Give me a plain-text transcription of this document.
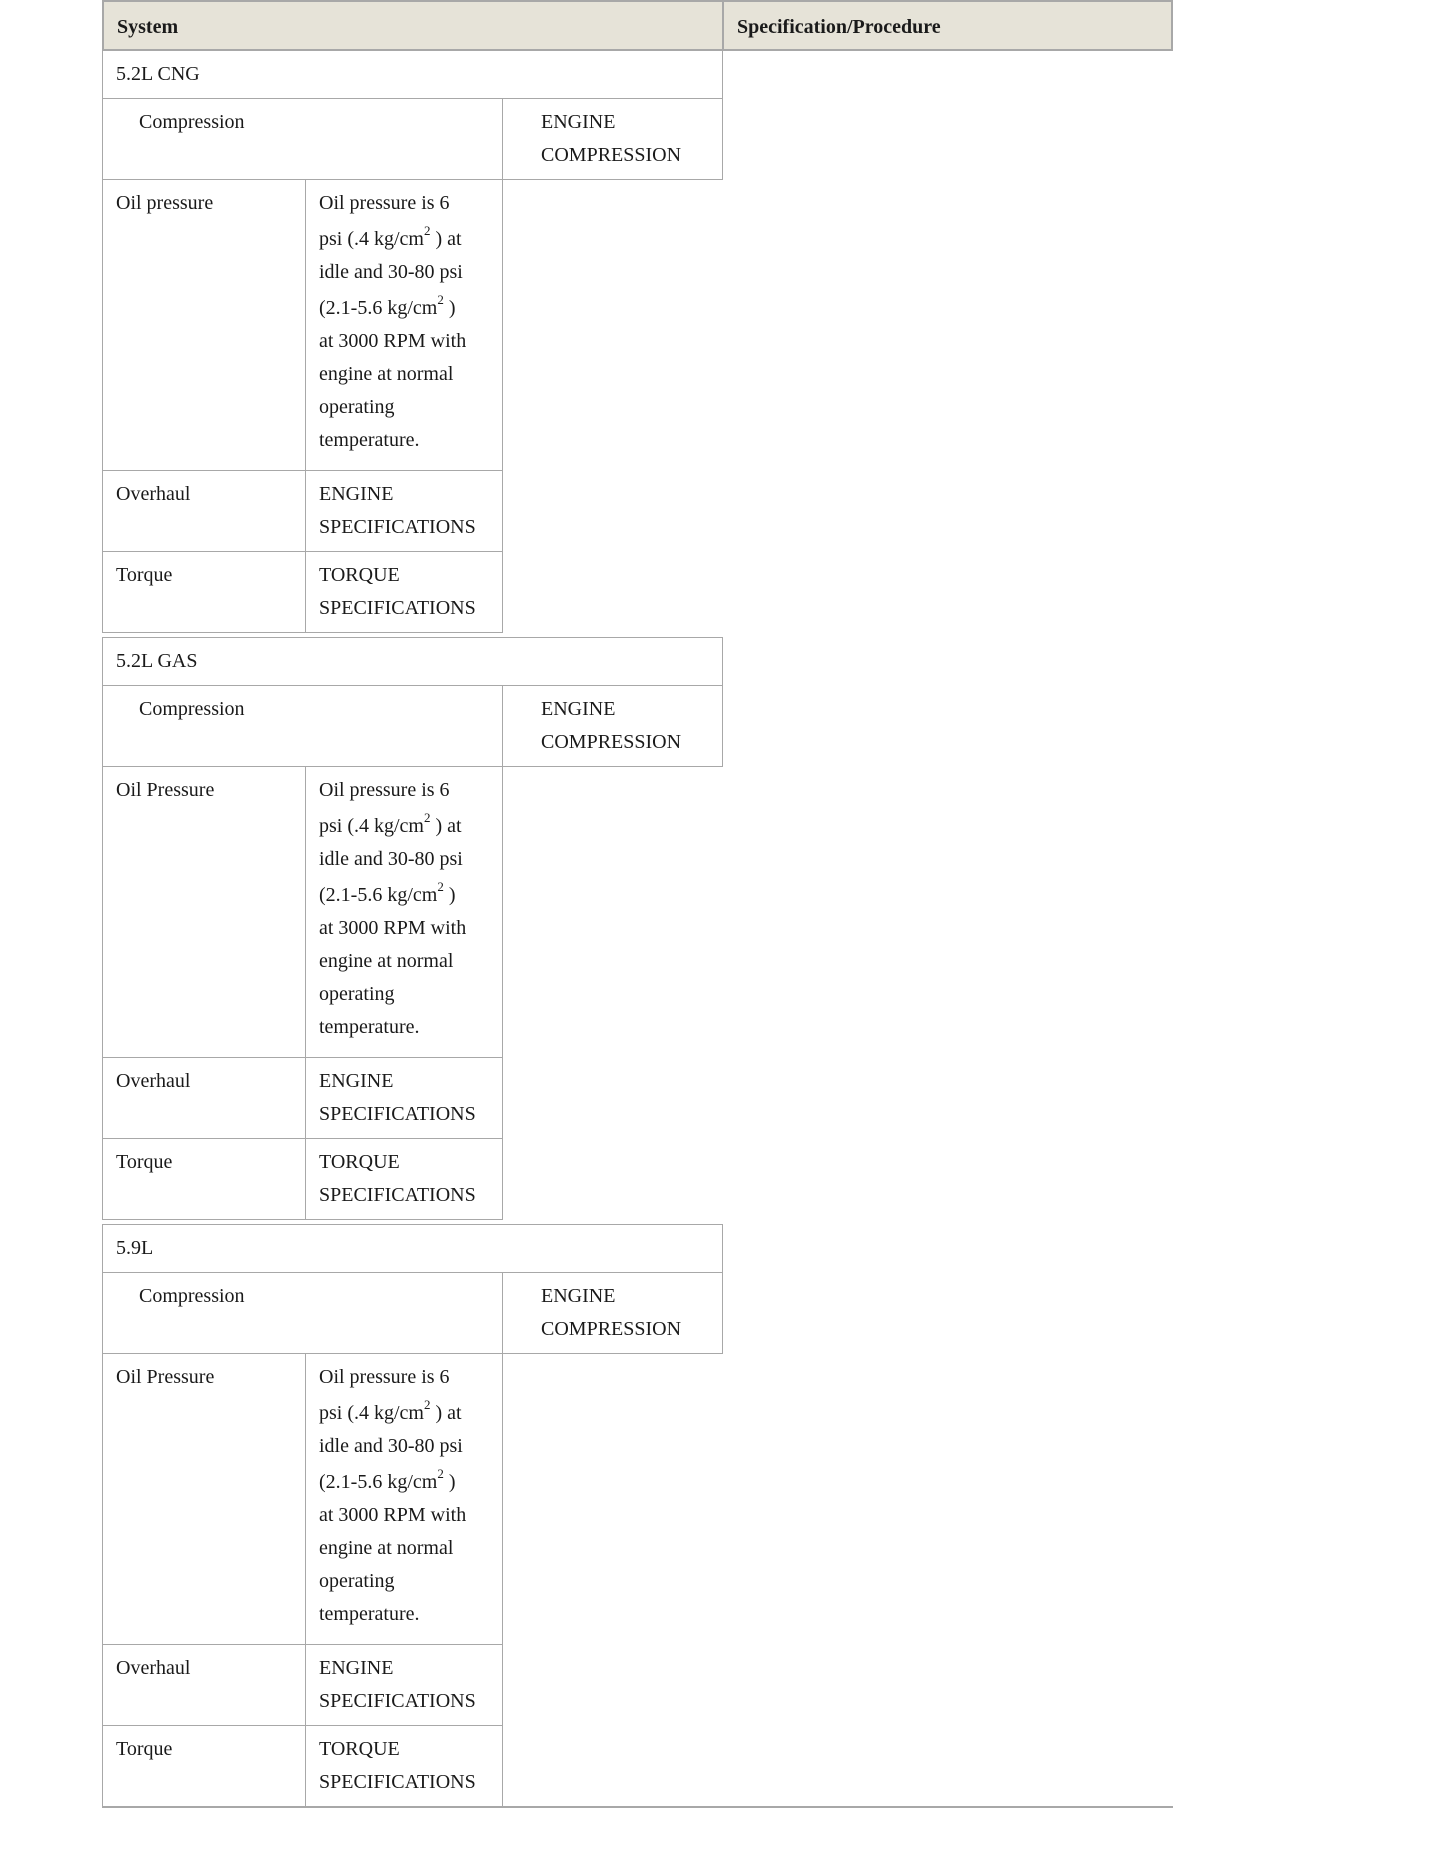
System	Specification/Procedure
5.2L CNG
Compression	ENGINE
COMPRESSION
Oil pressure	Oil pressure is 6
psi (.4 $kg/cm^2$ ) at
idle and 30-80 psi
(2.1-5.6 $kg/cm^2$ )
at 3000 RPM with
engine at normal
operating
temperature.
Overhaul	ENGINE
SPECIFICATIONS
Torque	TORQUE
SPECIFICATIONS
5.2L GAS
Compression	ENGINE
COMPRESSION
Oil Pressure	Oil pressure is 6
psi (.4 $kg/cm^2$ ) at
idle and 30-80 psi
(2.1-5.6 $kg/cm^2$ )
at 3000 RPM with
engine at normal
operating
temperature.
Overhaul	ENGINE
SPECIFICATIONS
Torque	TORQUE
SPECIFICATIONS
5.9L
Compression	ENGINE
COMPRESSION
Oil Pressure	Oil pressure is 6
psi (.4 $kg/cm^2$ ) at
idle and 30-80 psi
(2.1-5.6 $kg/cm^2$ )
at 3000 RPM with
engine at normal
operating
temperature.
Overhaul	ENGINE
SPECIFICATIONS
Torque	TORQUE
SPECIFICATIONS
